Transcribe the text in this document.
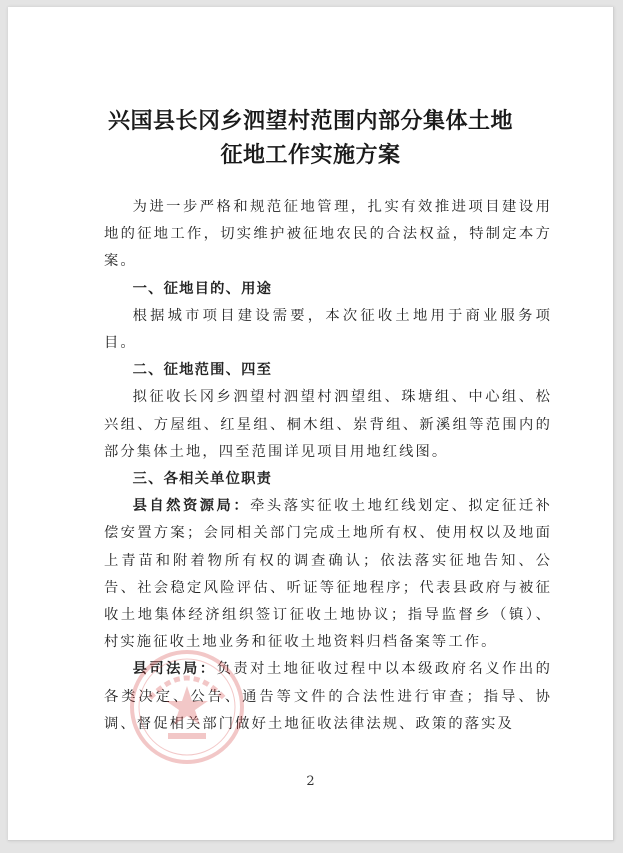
兴国县长冈乡泗望村范围内部分集体土地
征地工作实施方案

为进一步严格和规范征地管理，扎实有效推进项目建设用地的征地工作，切实维护被征地农民的合法权益，特制定本方案。

一、征地目的、用途

根据城市项目建设需要，本次征收土地用于商业服务项目。

二、征地范围、四至

拟征收长冈乡泗望村泗望村泗望组、珠塘组、中心组、松兴组、方屋组、红星组、桐木组、岽背组、新溪组等范围内的部分集体土地，四至范围详见项目用地红线图。

三、各相关单位职责

县自然资源局：牵头落实征收土地红线划定、拟定征迁补偿安置方案；会同相关部门完成土地所有权、使用权以及地面上青苗和附着物所有权的调查确认；依法落实征地告知、公告、社会稳定风险评估、听证等征地程序；代表县政府与被征收土地集体经济组织签订征收土地协议；指导监督乡（镇）、村实施征收土地业务和征收土地资料归档备案等工作。

县司法局：负责对土地征收过程中以本级政府名义作出的各类决定、公告、通告等文件的合法性进行审查；指导、协调、督促相关部门做好土地征收法律法规、政策的落实及

2
